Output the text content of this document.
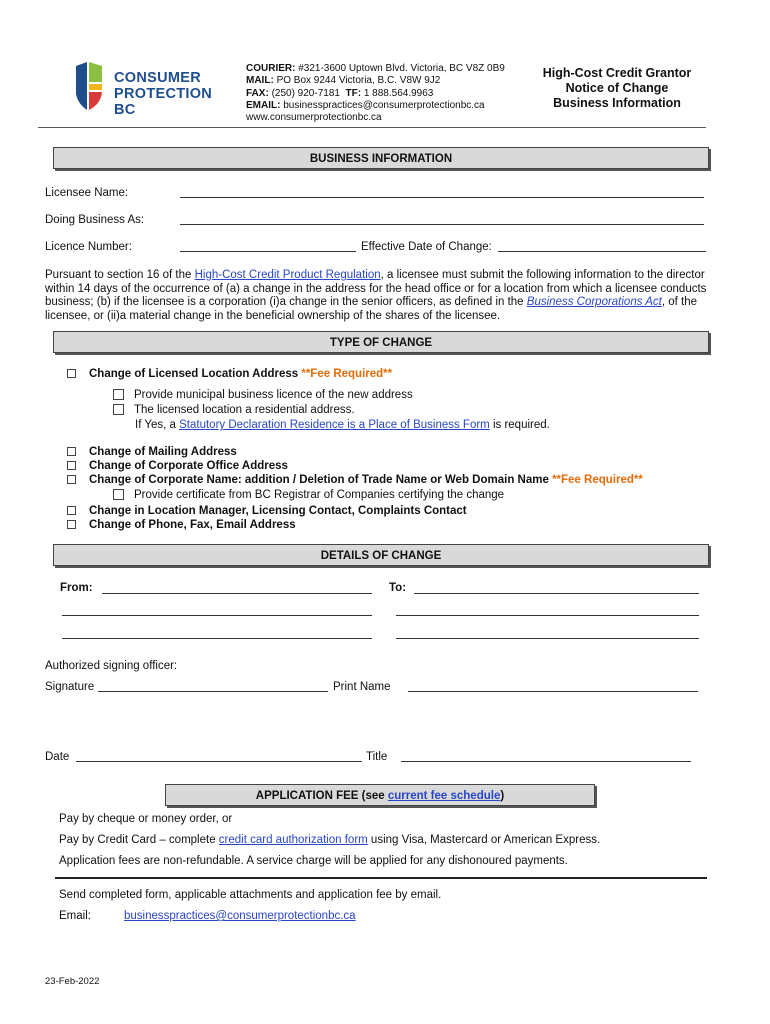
CONSUMER
PROTECTION BC
COURIER: #321-3600 Uptown Blvd. Victoria, BC V8Z 0B9
MAIL: PO Box 9244 Victoria, B.C. V8W 9J2
FAX: (250) 920-7181 TF: 1 888.564.9963
EMAIL: businesspractices@consumerprotectionbc.ca
www.consumerprotectionbc.ca
High-Cost Credit Grantor
Notice of Change
Business Information
BUSINESS INFORMATION
Licensee Name:
Doing Business As:
Licence Number:	Effective Date of Change:
Pursuant to section 16 of the High-Cost Credit Product Regulation, a licensee must submit the following information to the director within 14 days of the occurrence of (a) a change in the address for the head office or for a location from which a licensee conducts business; (b) if the licensee is a corporation (i)a change in the senior officers, as defined in the Business Corporations Act, of the licensee, or (ii)a material change in the beneficial ownership of the shares of the licensee.
TYPE OF CHANGE
Change of Licensed Location Address **Fee Required**
Provide municipal business licence of the new address
The licensed location a residential address.
If Yes, a Statutory Declaration Residence is a Place of Business Form is required.
Change of Mailing Address
Change of Corporate Office Address
Change of Corporate Name: addition / Deletion of Trade Name or Web Domain Name **Fee Required**
Provide certificate from BC Registrar of Companies certifying the change
Change in Location Manager, Licensing Contact, Complaints Contact
Change of Phone, Fax, Email Address
DETAILS OF CHANGE
From:	To:
Authorized signing officer:
Signature	Print Name
Date	Title
APPLICATION FEE (see current fee schedule)
Pay by cheque or money order, or
Pay by Credit Card – complete credit card authorization form using Visa, Mastercard or American Express.
Application fees are non-refundable. A service charge will be applied for any dishonoured payments.
Send completed form, applicable attachments and application fee by email.
Email:	businesspractices@consumerprotectionbc.ca
23-Feb-2022
